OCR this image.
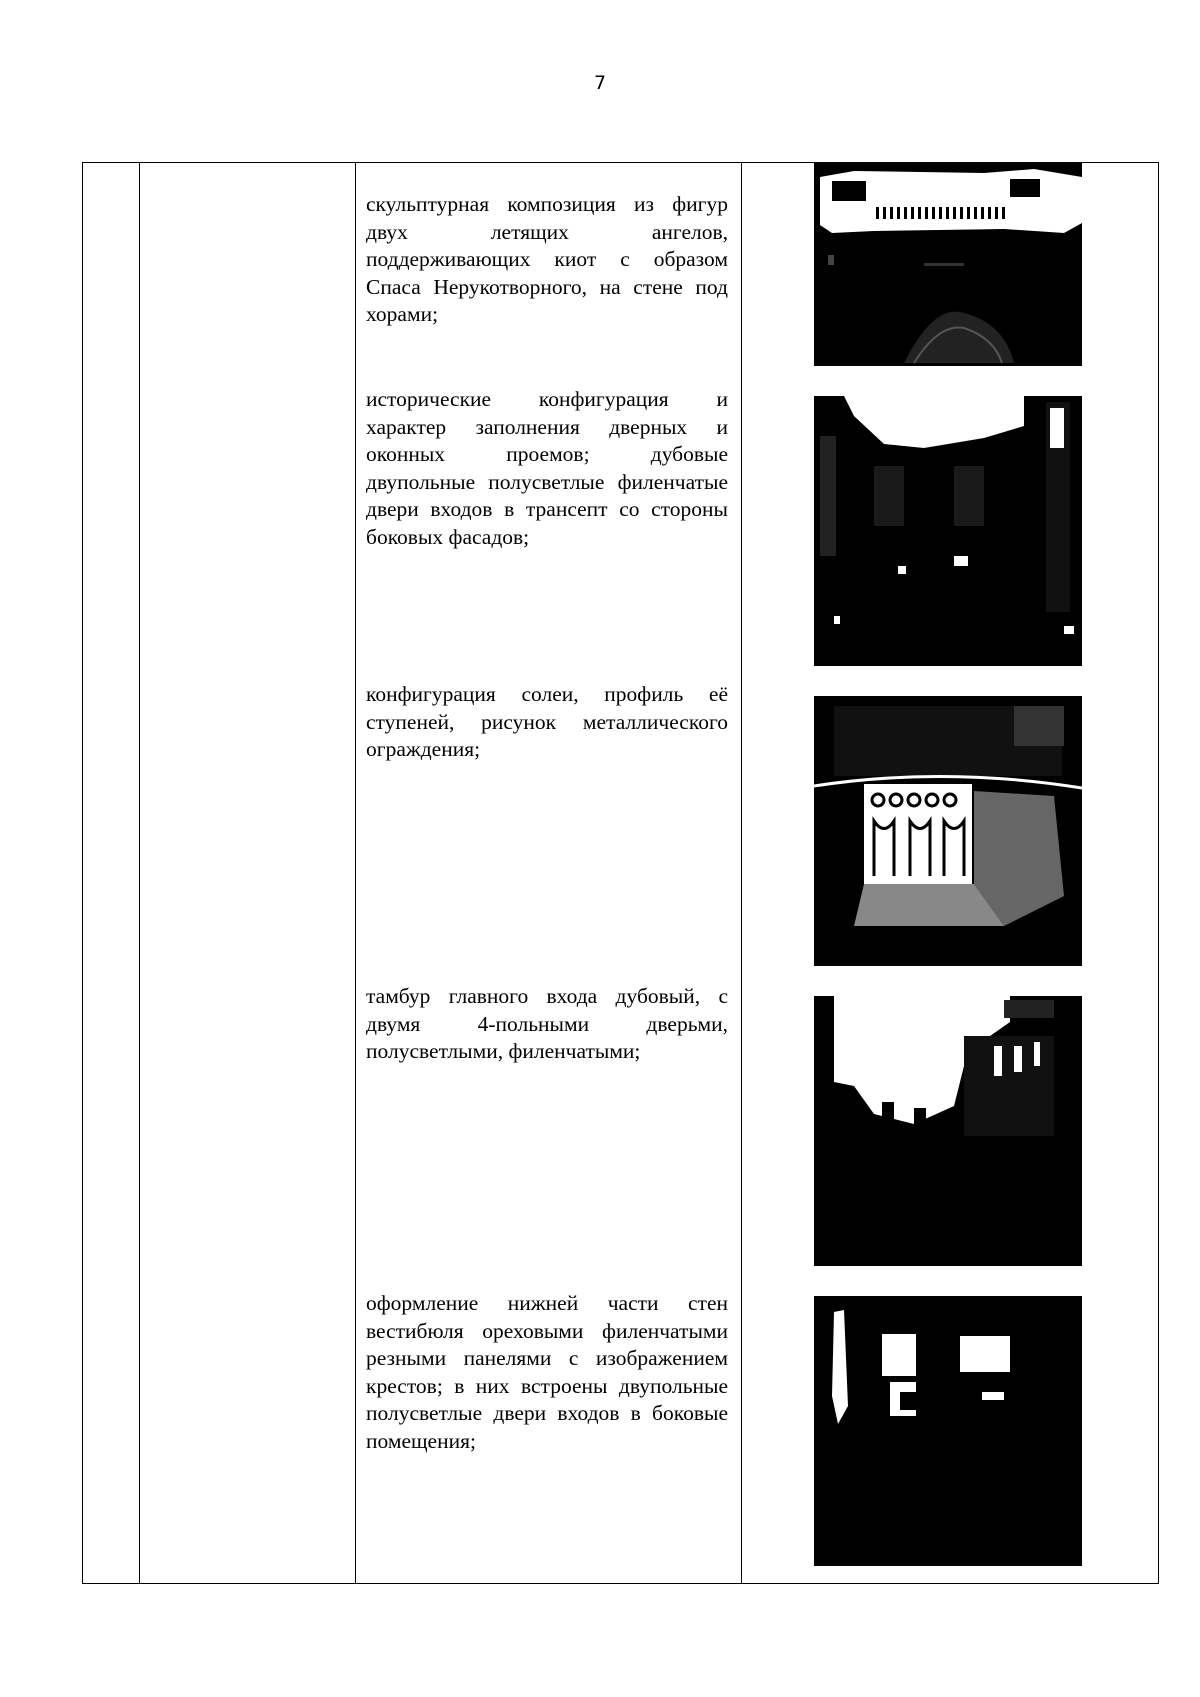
7

скульптурная композиция из фигур двух летящих ангелов, поддерживающих киот с образом Спаса Нерукотворного, на стене под хорами;
исторические конфигурация и характер заполнения дверных и оконных проемов; дубовые двупольные полусветлые филенчатые двери входов в трансепт со стороны боковых фасадов;
конфигурация солеи, профиль её ступеней, рисунок металлического ограждения;
тамбур главного входа дубовый, с двумя 4-польными дверьми, полусветлыми, филенчатыми;
оформление нижней части стен вестибюля ореховыми филенчатыми резными панелями с изображением крестов; в них встроены двупольные полусветлые двери входов в боковые помещения;
